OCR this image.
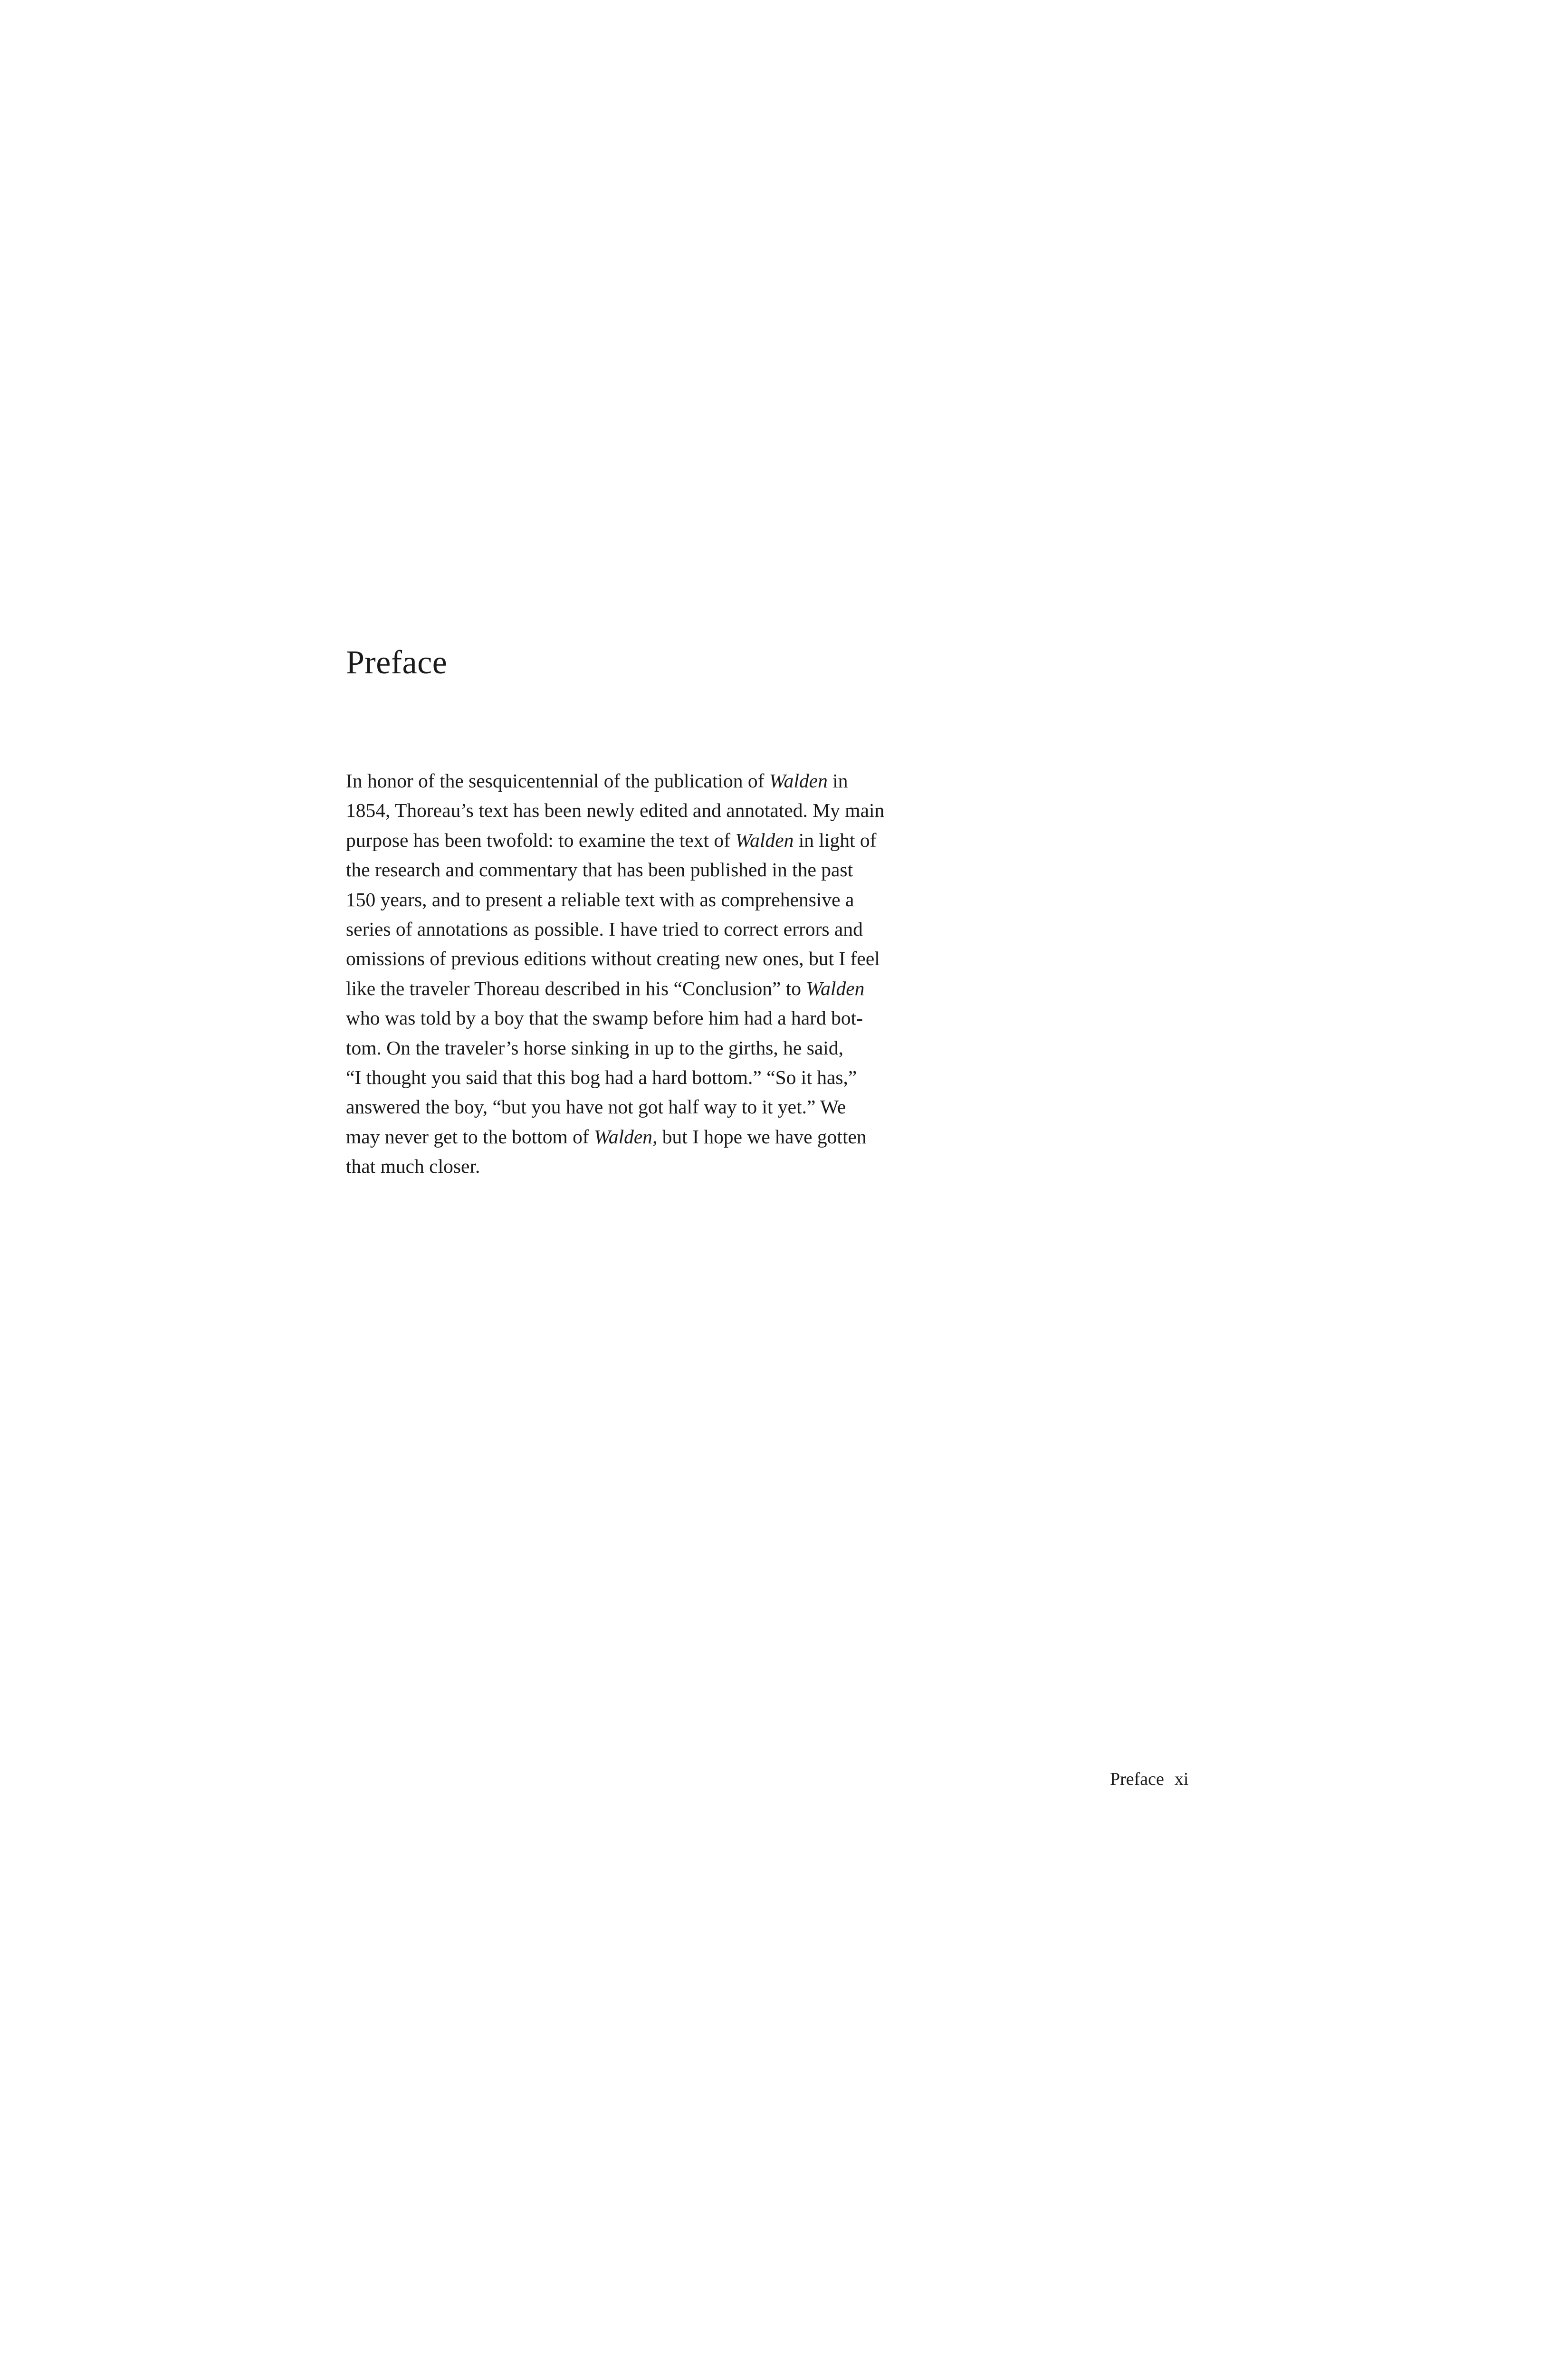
Preface

In honor of the sesquicentennial of the publication of Walden in
1854, Thoreau’s text has been newly edited and annotated. My main
purpose has been twofold: to examine the text of Walden in light of
the research and commentary that has been published in the past
150 years, and to present a reliable text with as comprehensive a
series of annotations as possible. I have tried to correct errors and
omissions of previous editions without creating new ones, but I feel
like the traveler Thoreau described in his “Conclusion” to Walden
who was told by a boy that the swamp before him had a hard bot-
tom. On the traveler’s horse sinking in up to the girths, he said,
“I thought you said that this bog had a hard bottom.” “So it has,”
answered the boy, “but you have not got half way to it yet.” We
may never get to the bottom of Walden, but I hope we have gotten
that much closer.

Preface xi
